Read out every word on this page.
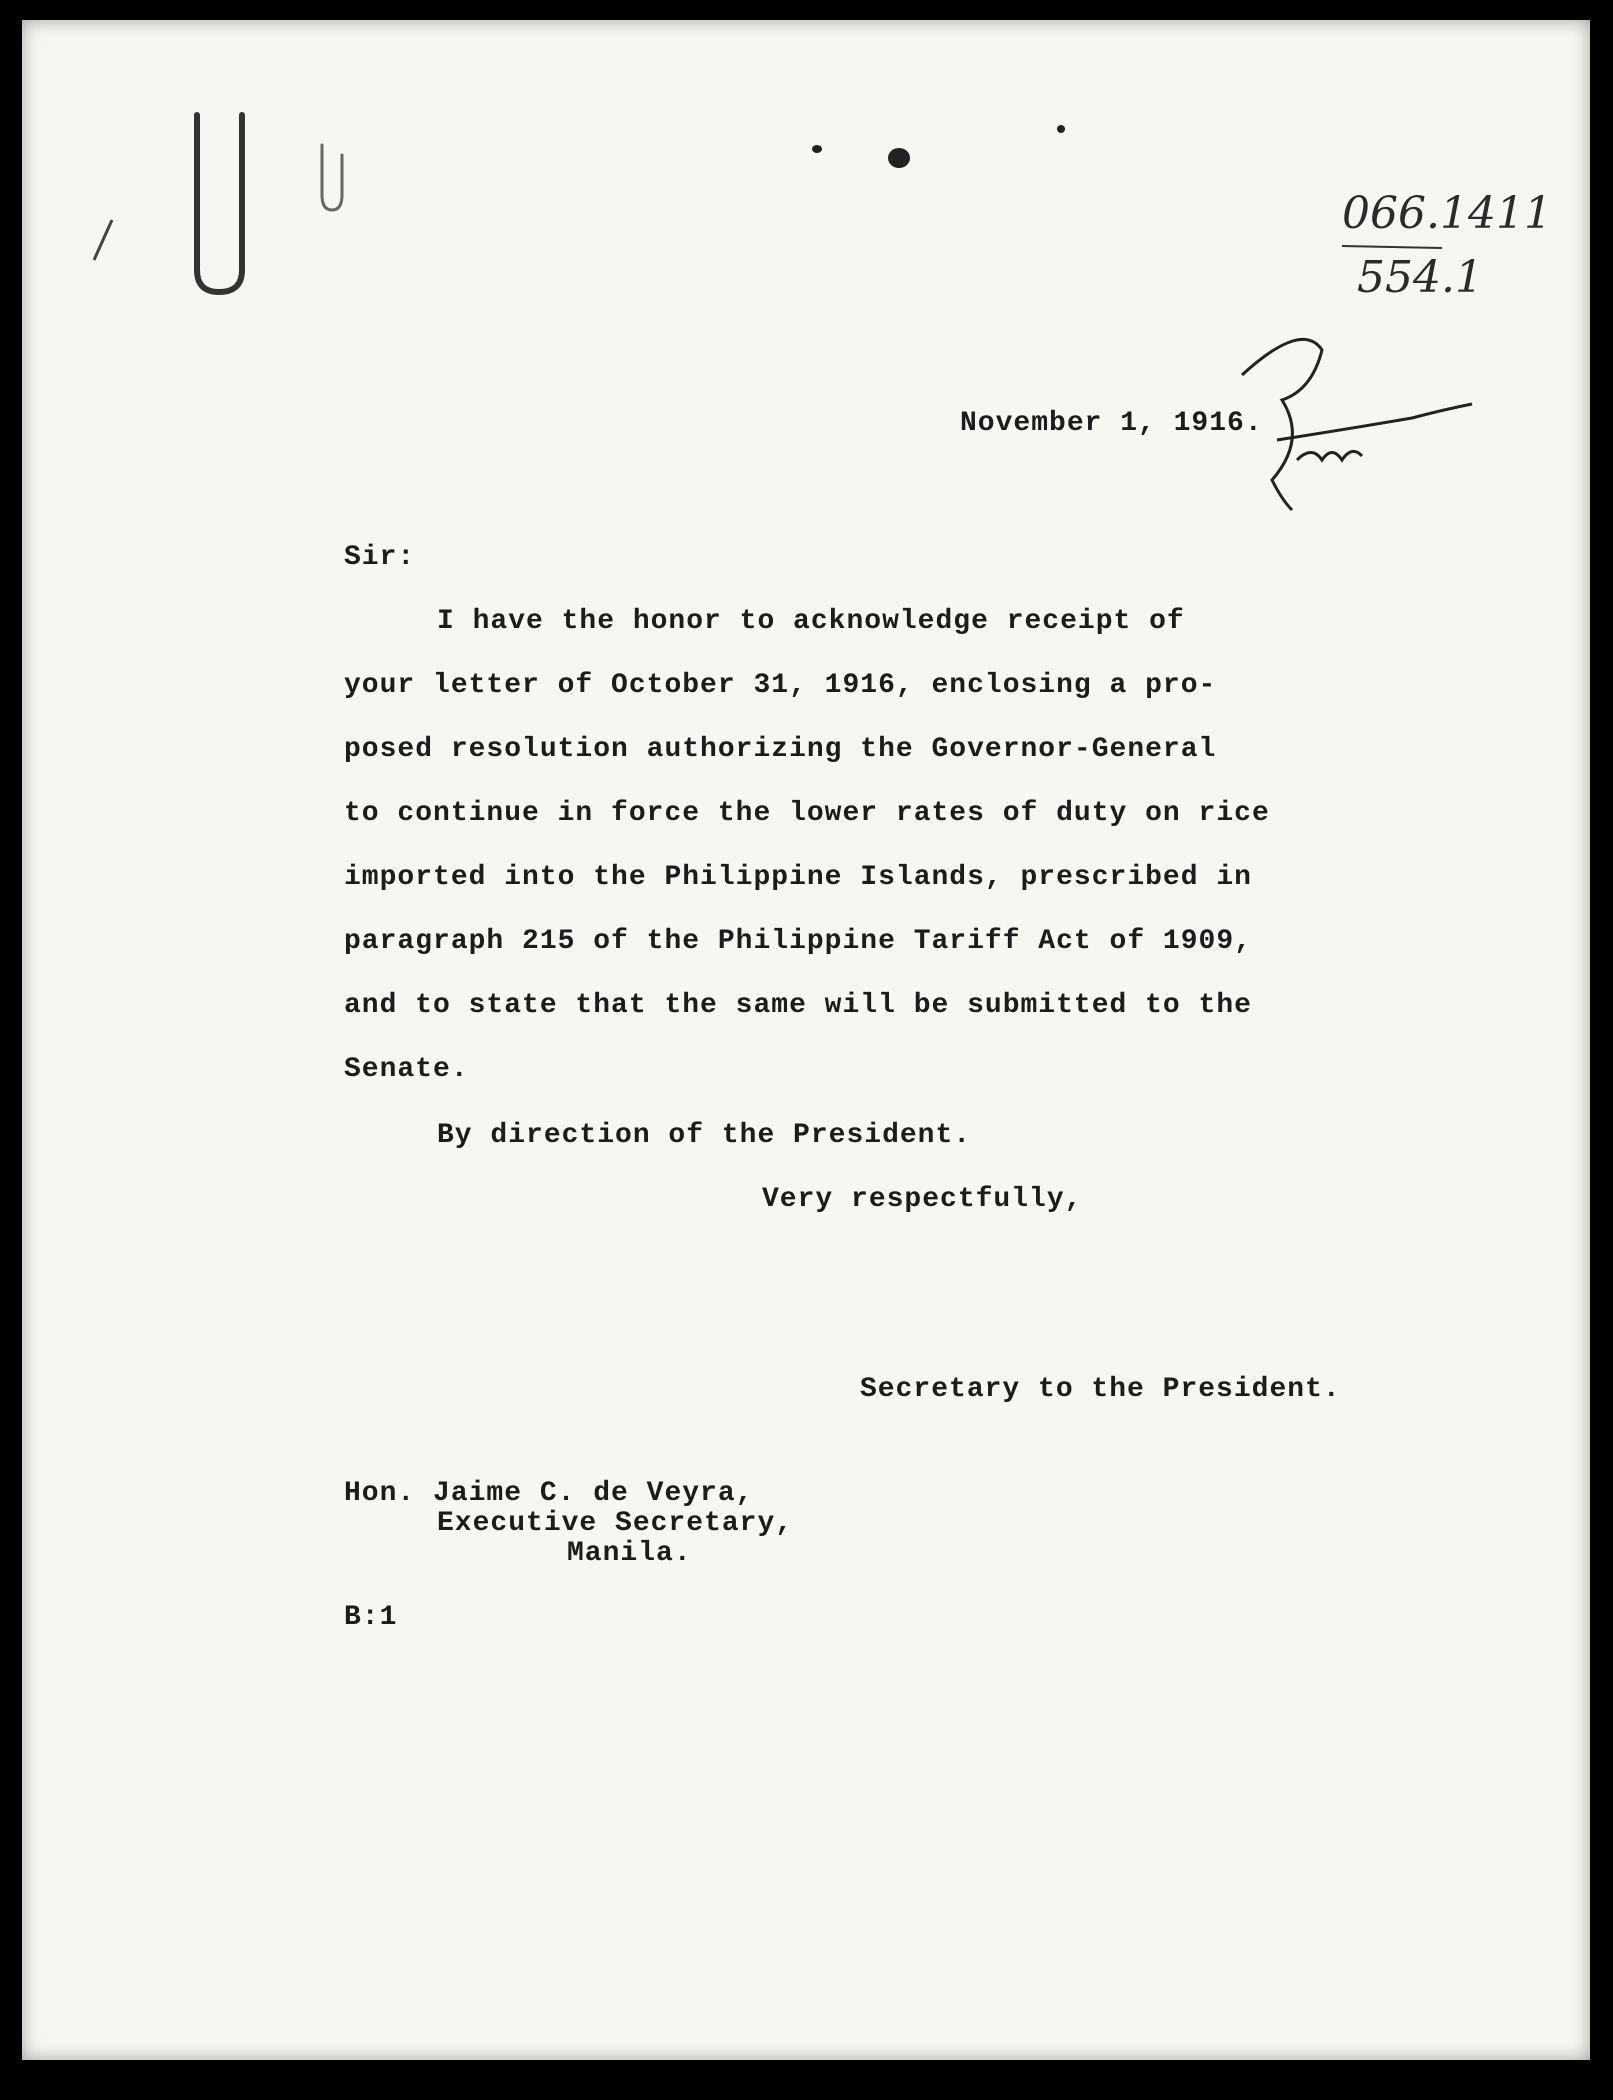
066.1411
554.1
November 1, 1916.
Sir:
I have the honor to acknowledge receipt of
your letter of October 31, 1916, enclosing a pro-
posed resolution authorizing the Governor-General
to continue in force the lower rates of duty on rice
imported into the Philippine Islands, prescribed in
paragraph 215 of the Philippine Tariff Act of 1909,
and to state that the same will be submitted to the
Senate.
By direction of the President.
Very respectfully,
Secretary to the President.
Hon. Jaime C. de Veyra,
Executive Secretary,
Manila.
B:1
